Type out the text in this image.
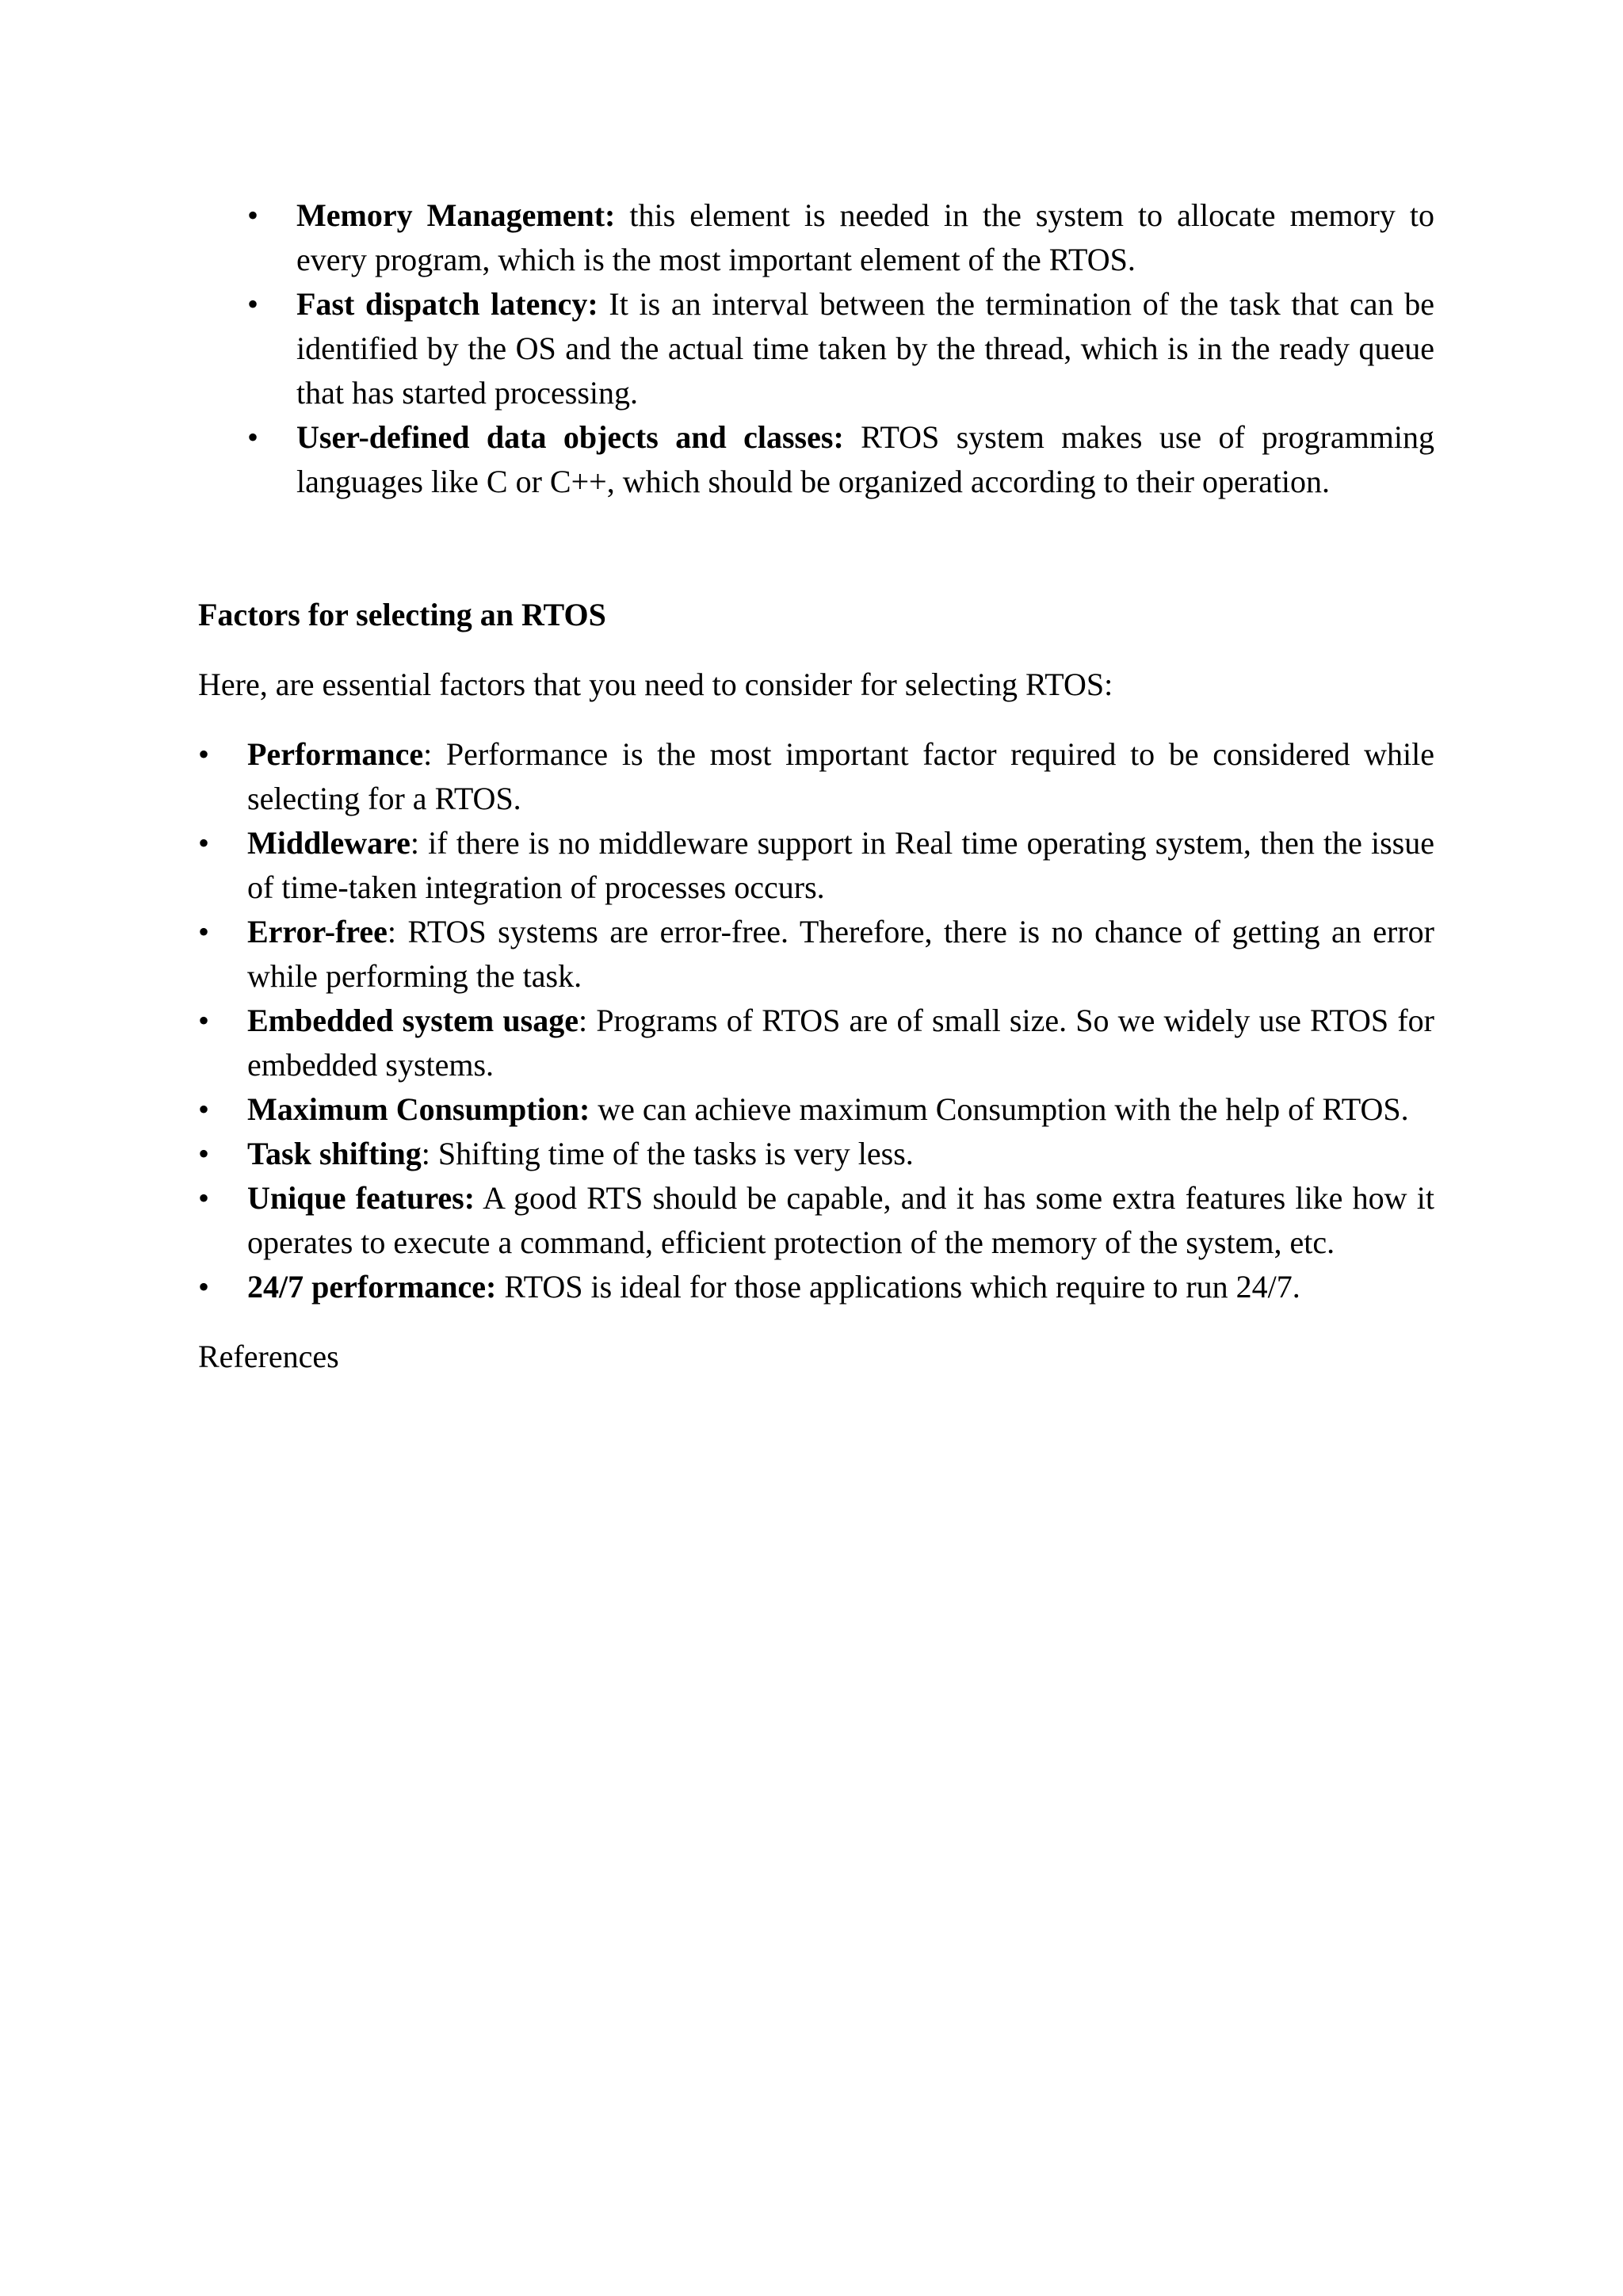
• Memory Management: this element is needed in the system to allocate memory to every program, which is the most important element of the RTOS.
• Fast dispatch latency: It is an interval between the termination of the task that can be identified by the OS and the actual time taken by the thread, which is in the ready queue that has started processing.
• User-defined data objects and classes: RTOS system makes use of programming languages like C or C++, which should be organized according to their operation.

Factors for selecting an RTOS

Here, are essential factors that you need to consider for selecting RTOS:

• Performance: Performance is the most important factor required to be considered while selecting for a RTOS.
• Middleware: if there is no middleware support in Real time operating system, then the issue of time-taken integration of processes occurs.
• Error-free: RTOS systems are error-free. Therefore, there is no chance of getting an error while performing the task.
• Embedded system usage: Programs of RTOS are of small size. So we widely use RTOS for embedded systems.
• Maximum Consumption: we can achieve maximum Consumption with the help of RTOS.
• Task shifting: Shifting time of the tasks is very less.
• Unique features: A good RTS should be capable, and it has some extra features like how it operates to execute a command, efficient protection of the memory of the system, etc.
• 24/7 performance: RTOS is ideal for those applications which require to run 24/7.

References
